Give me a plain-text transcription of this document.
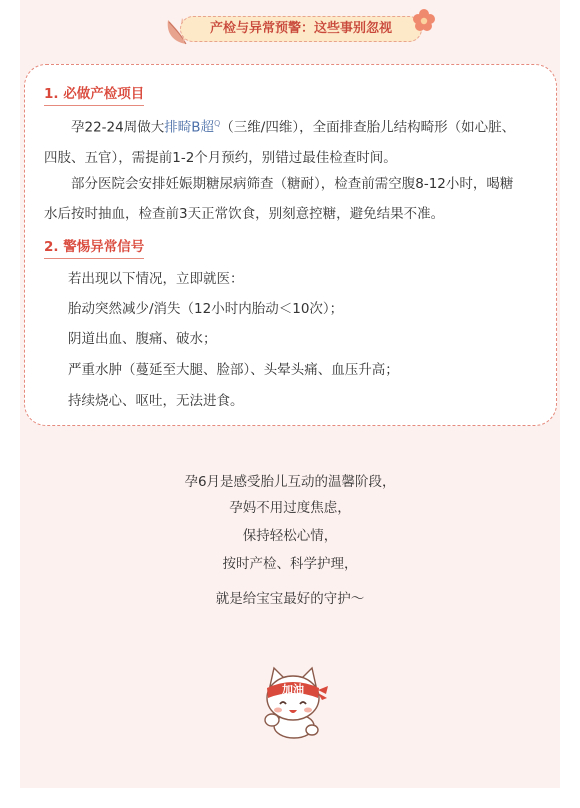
产检与异常预警：这些事别忽视
1. 必做产检项目
孕22-24周做大排畸B超$^Q$（三维/四维），全面排查胎儿结构畸形（如心脏、四肢、五官），需提前1-2个月预约，别错过最佳检查时间。
部分医院会安排妊娠期糖尿病筛查（糖耐），检查前需空腹8-12小时，喝糖水后按时抽血，检查前3天正常饮食，别刻意控糖，避免结果不准。
2. 警惕异常信号
若出现以下情况，立即就医：
胎动突然减少/消失（12小时内胎动＜10次）；
阴道出血、腹痛、破水；
严重水肿（蔓延至大腿、脸部）、头晕头痛、血压升高；
持续烧心、呕吐，无法进食。
孕6月是感受胎儿互动的温馨阶段，
孕妈不用过度焦虑，
保持轻松心情，
按时产检、科学护理，
就是给宝宝最好的守护～
加油
